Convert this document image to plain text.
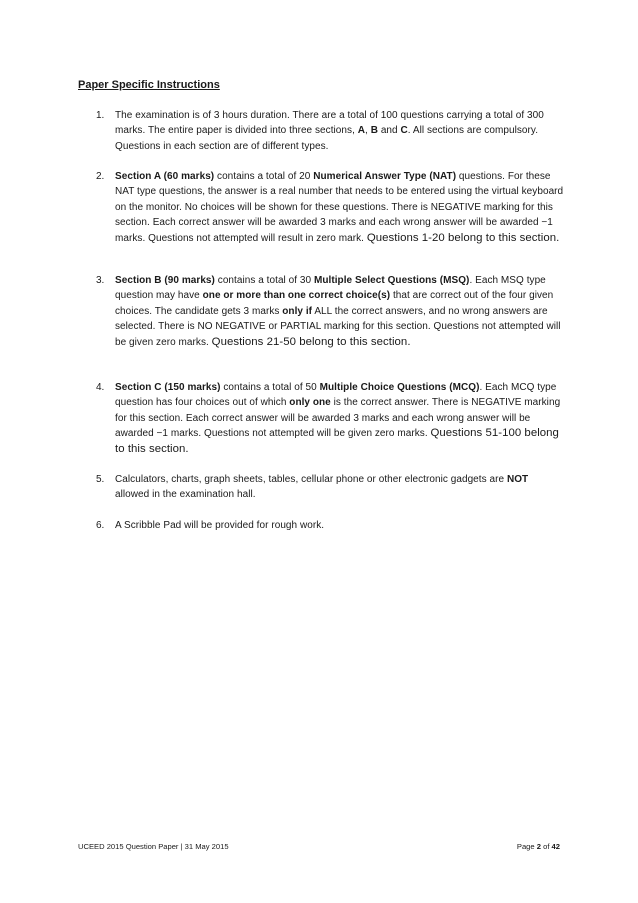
Paper Specific Instructions
1.	The examination is of 3 hours duration. There are a total of 100 questions carrying a total of 300 marks. The entire paper is divided into three sections, A, B and C. All sections are compulsory. Questions in each section are of different types.
2.	Section A (60 marks) contains a total of 20 Numerical Answer Type (NAT) questions. For these NAT type questions, the answer is a real number that needs to be entered using the virtual keyboard on the monitor. No choices will be shown for these questions. There is NEGATIVE marking for this section. Each correct answer will be awarded 3 marks and each wrong answer will be awarded −1 marks. Questions not attempted will result in zero mark. Questions 1-20 belong to this section.
3.	Section B (90 marks) contains a total of 30 Multiple Select Questions (MSQ). Each MSQ type question may have one or more than one correct choice(s) that are correct out of the four given choices. The candidate gets 3 marks only if ALL the correct answers, and no wrong answers are selected. There is NO NEGATIVE or PARTIAL marking for this section. Questions not attempted will be given zero marks. Questions 21-50 belong to this section.
4.	Section C (150 marks) contains a total of 50 Multiple Choice Questions (MCQ). Each MCQ type question has four choices out of which only one is the correct answer. There is NEGATIVE marking for this section. Each correct answer will be awarded 3 marks and each wrong answer will be awarded −1 marks. Questions not attempted will be given zero marks. Questions 51-100 belong to this section.
5.	Calculators, charts, graph sheets, tables, cellular phone or other electronic gadgets are NOT allowed in the examination hall.
6.	A Scribble Pad will be provided for rough work.
UCEED 2015 Question Paper | 31 May 2015	Page 2 of 42
